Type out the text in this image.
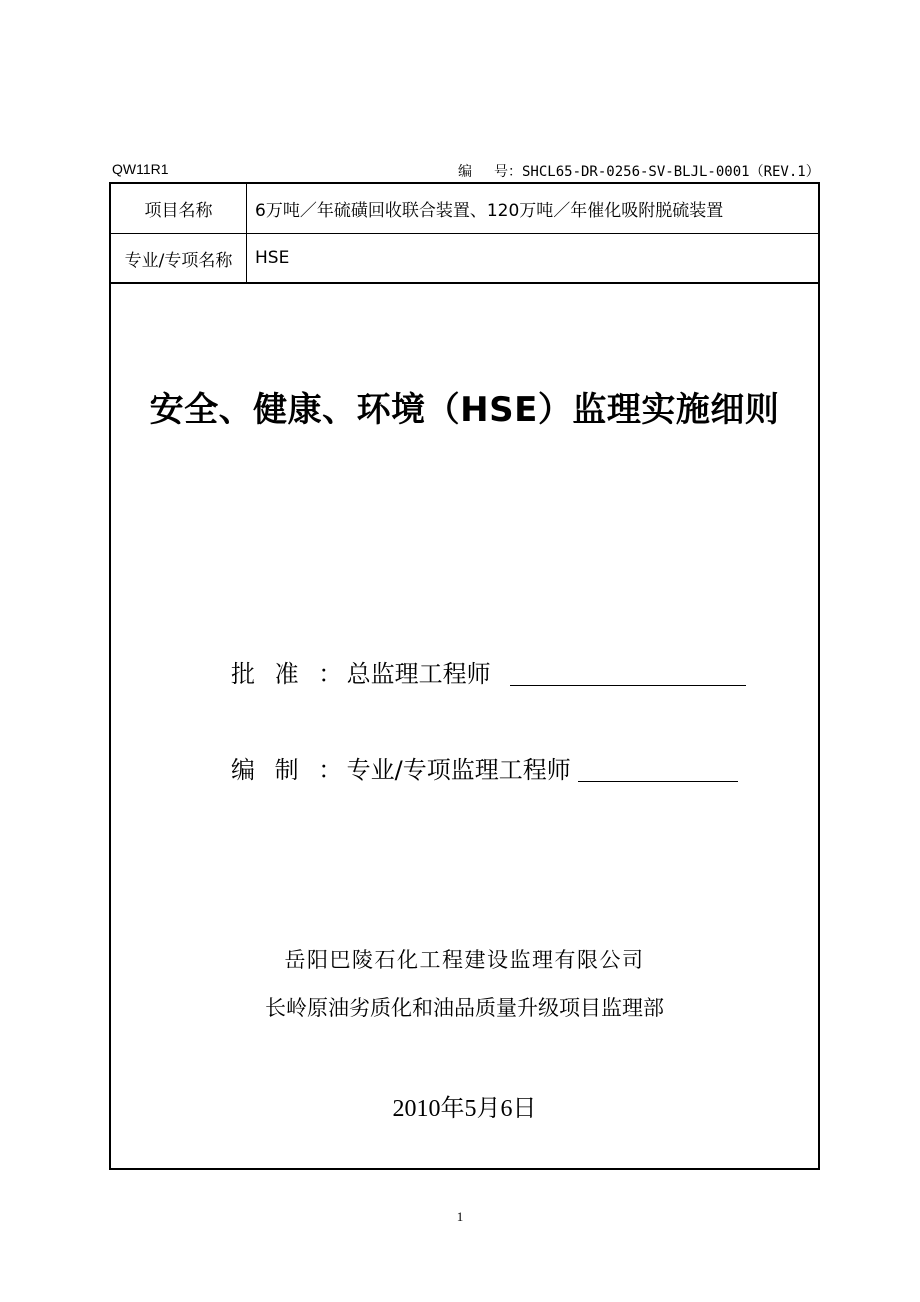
QW11R1	编 号：SHCL65-DR-0256-SV-BLJL-0001（REV.1）
项目名称	6万吨／年硫磺回收联合装置、120万吨／年催化吸附脱硫装置
专业/专项名称	HSE
安全、健康、环境（HSE）监理实施细则
批 准 ： 总监理工程师
编 制 ： 专业/专项监理工程师
岳阳巴陵石化工程建设监理有限公司
长岭原油劣质化和油品质量升级项目监理部
2010年5月6日
1
